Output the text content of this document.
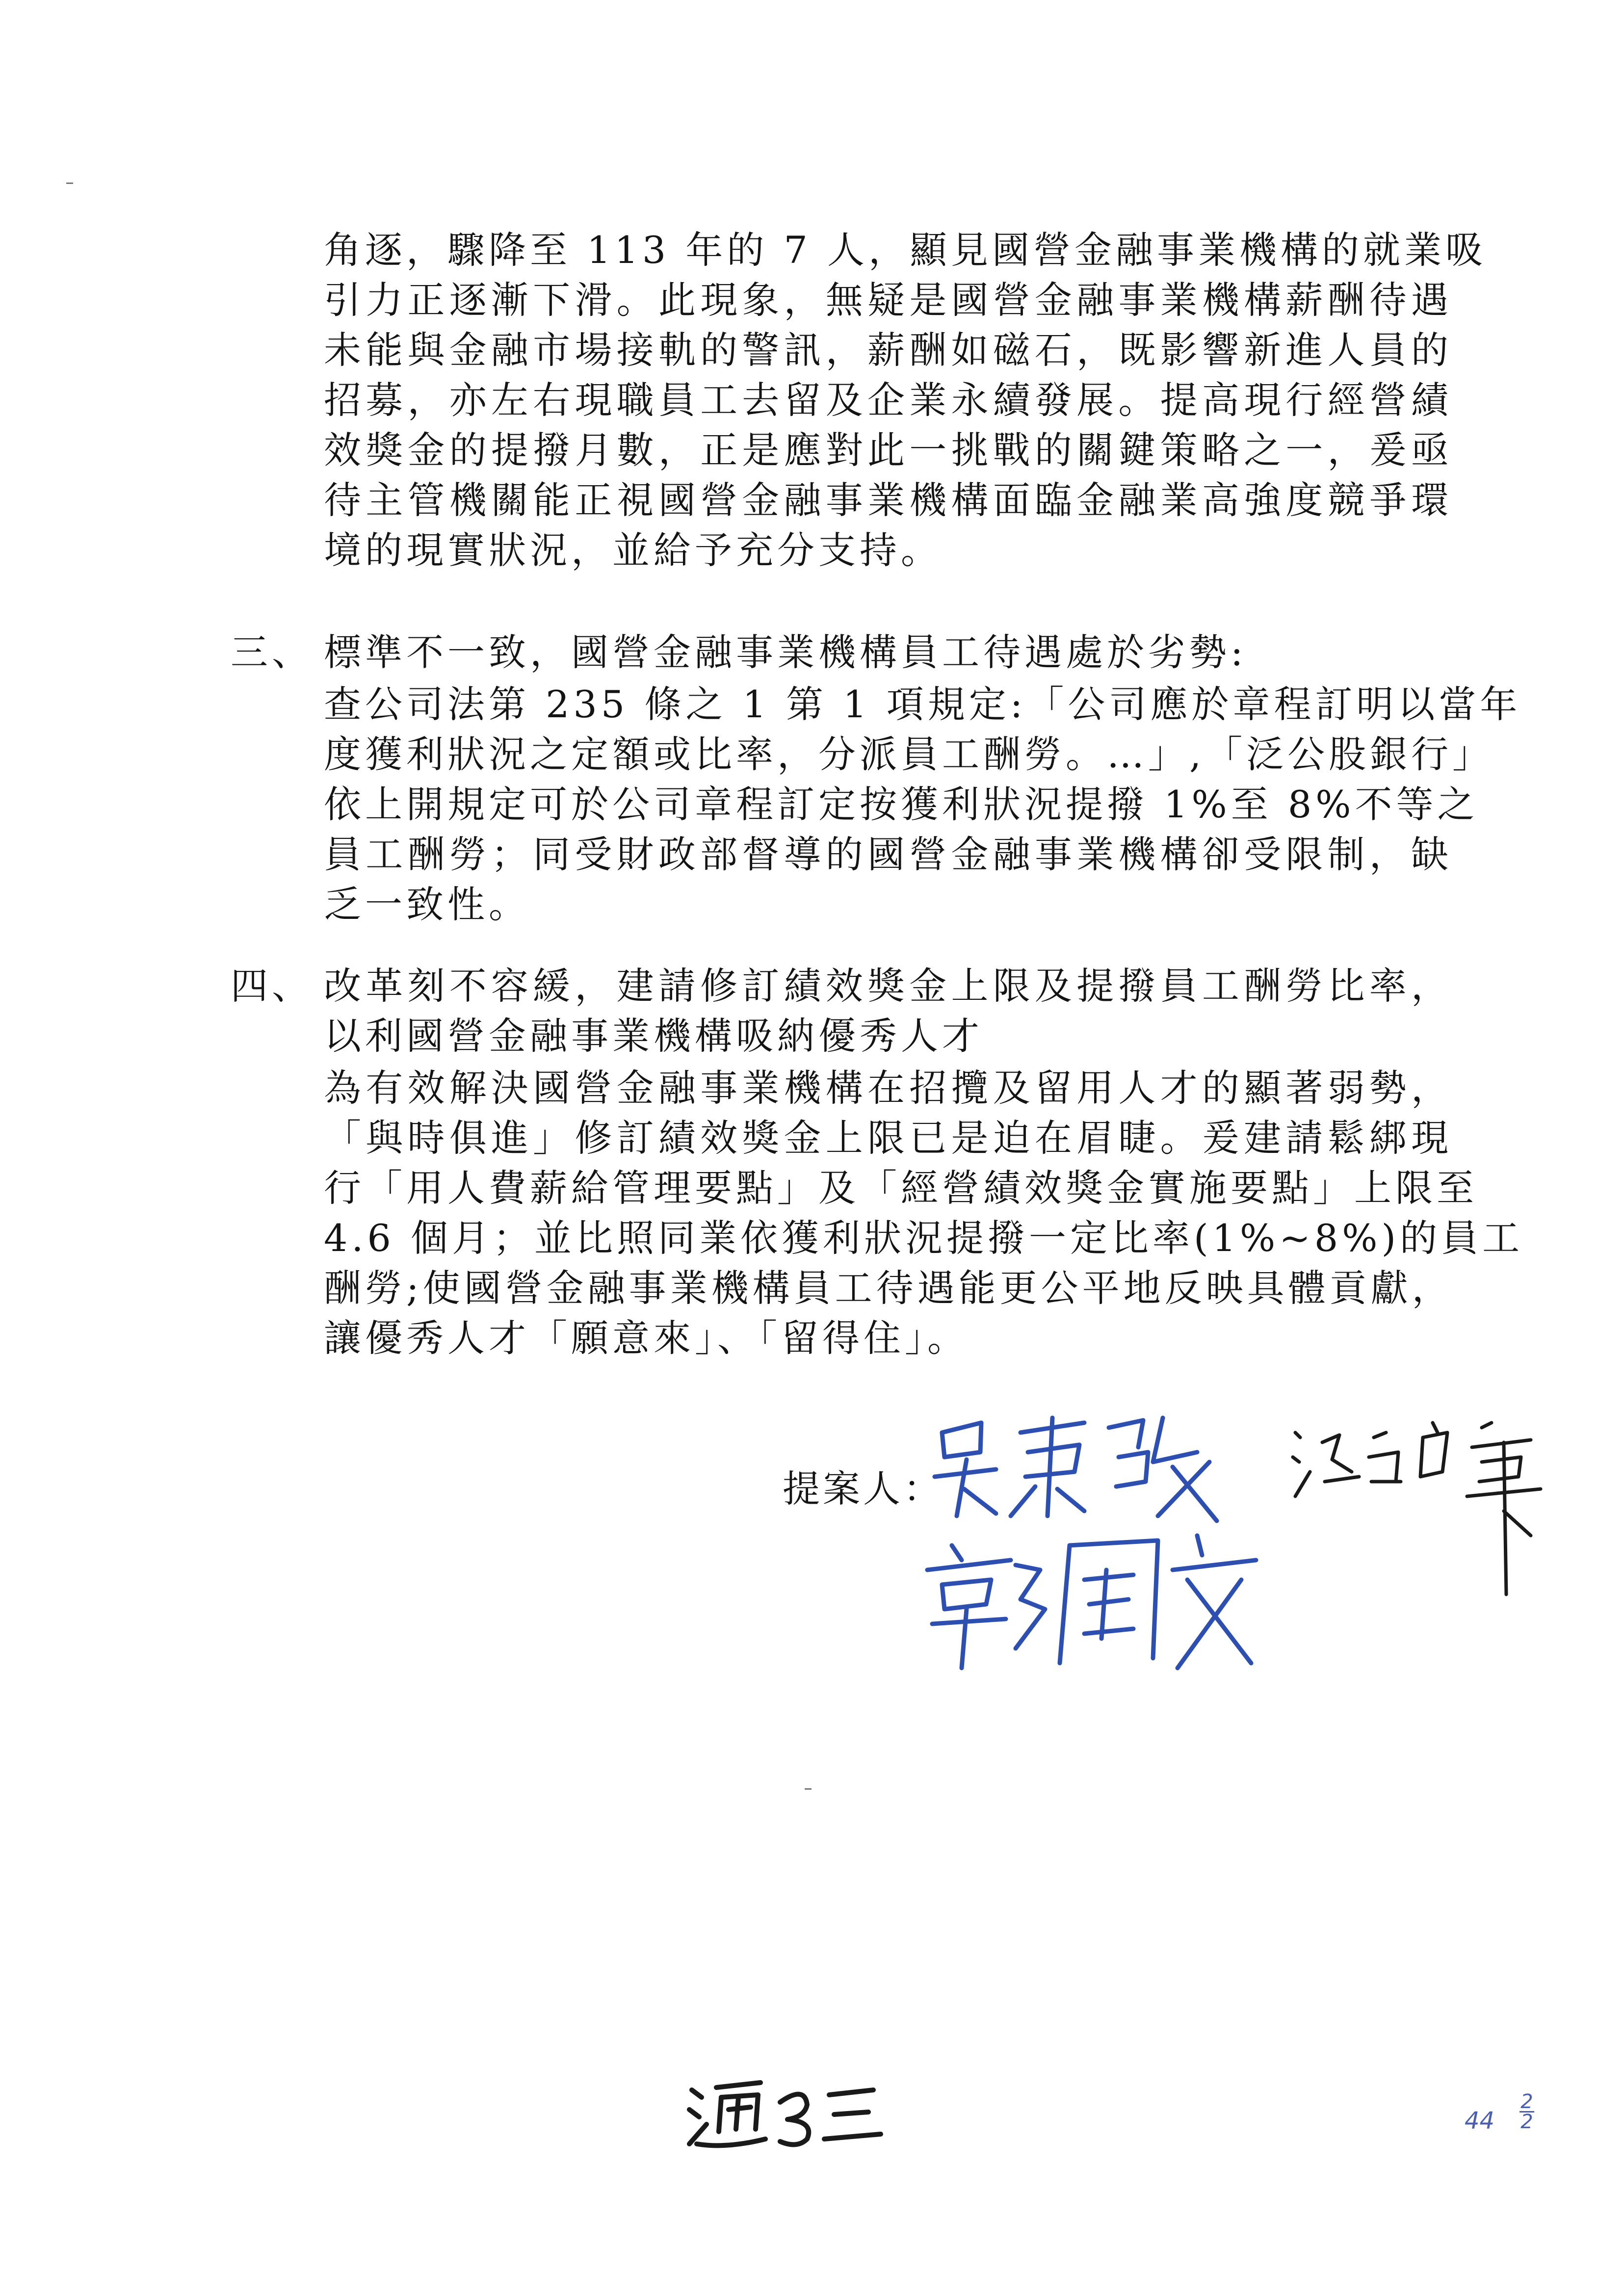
角逐，驟降至 113 年的 7 人，顯見國營金融事業機構的就業吸
引力正逐漸下滑。此現象，無疑是國營金融事業機構薪酬待遇
未能與金融市場接軌的警訊，薪酬如磁石，既影響新進人員的
招募，亦左右現職員工去留及企業永續發展。提高現行經營績
效獎金的提撥月數，正是應對此一挑戰的關鍵策略之一，爰亟
待主管機關能正視國營金融事業機構面臨金融業高強度競爭環
境的現實狀況，並給予充分支持。
三、 標準不一致，國營金融事業機構員工待遇處於劣勢:
查公司法第 235 條之 1 第 1 項規定:「公司應於章程訂明以當年
度獲利狀況之定額或比率，分派員工酬勞。…」,「泛公股銀行」
依上開規定可於公司章程訂定按獲利狀況提撥 1%至 8%不等之
員工酬勞；同受財政部督導的國營金融事業機構卻受限制，缺
乏一致性。
四、 改革刻不容緩，建請修訂績效獎金上限及提撥員工酬勞比率，
以利國營金融事業機構吸納優秀人才
為有效解決國營金融事業機構在招攬及留用人才的顯著弱勢，
「與時俱進」修訂績效獎金上限已是迫在眉睫。爰建請鬆綁現
行「用人費薪給管理要點」及「經營績效獎金實施要點」上限至
4.6 個月；並比照同業依獲利狀況提撥一定比率(1%~8%)的員工
酬勞;使國營金融事業機構員工待遇能更公平地反映具體貢獻，
讓優秀人才「願意來」、「留得住」。
提案人：
44
2
2
